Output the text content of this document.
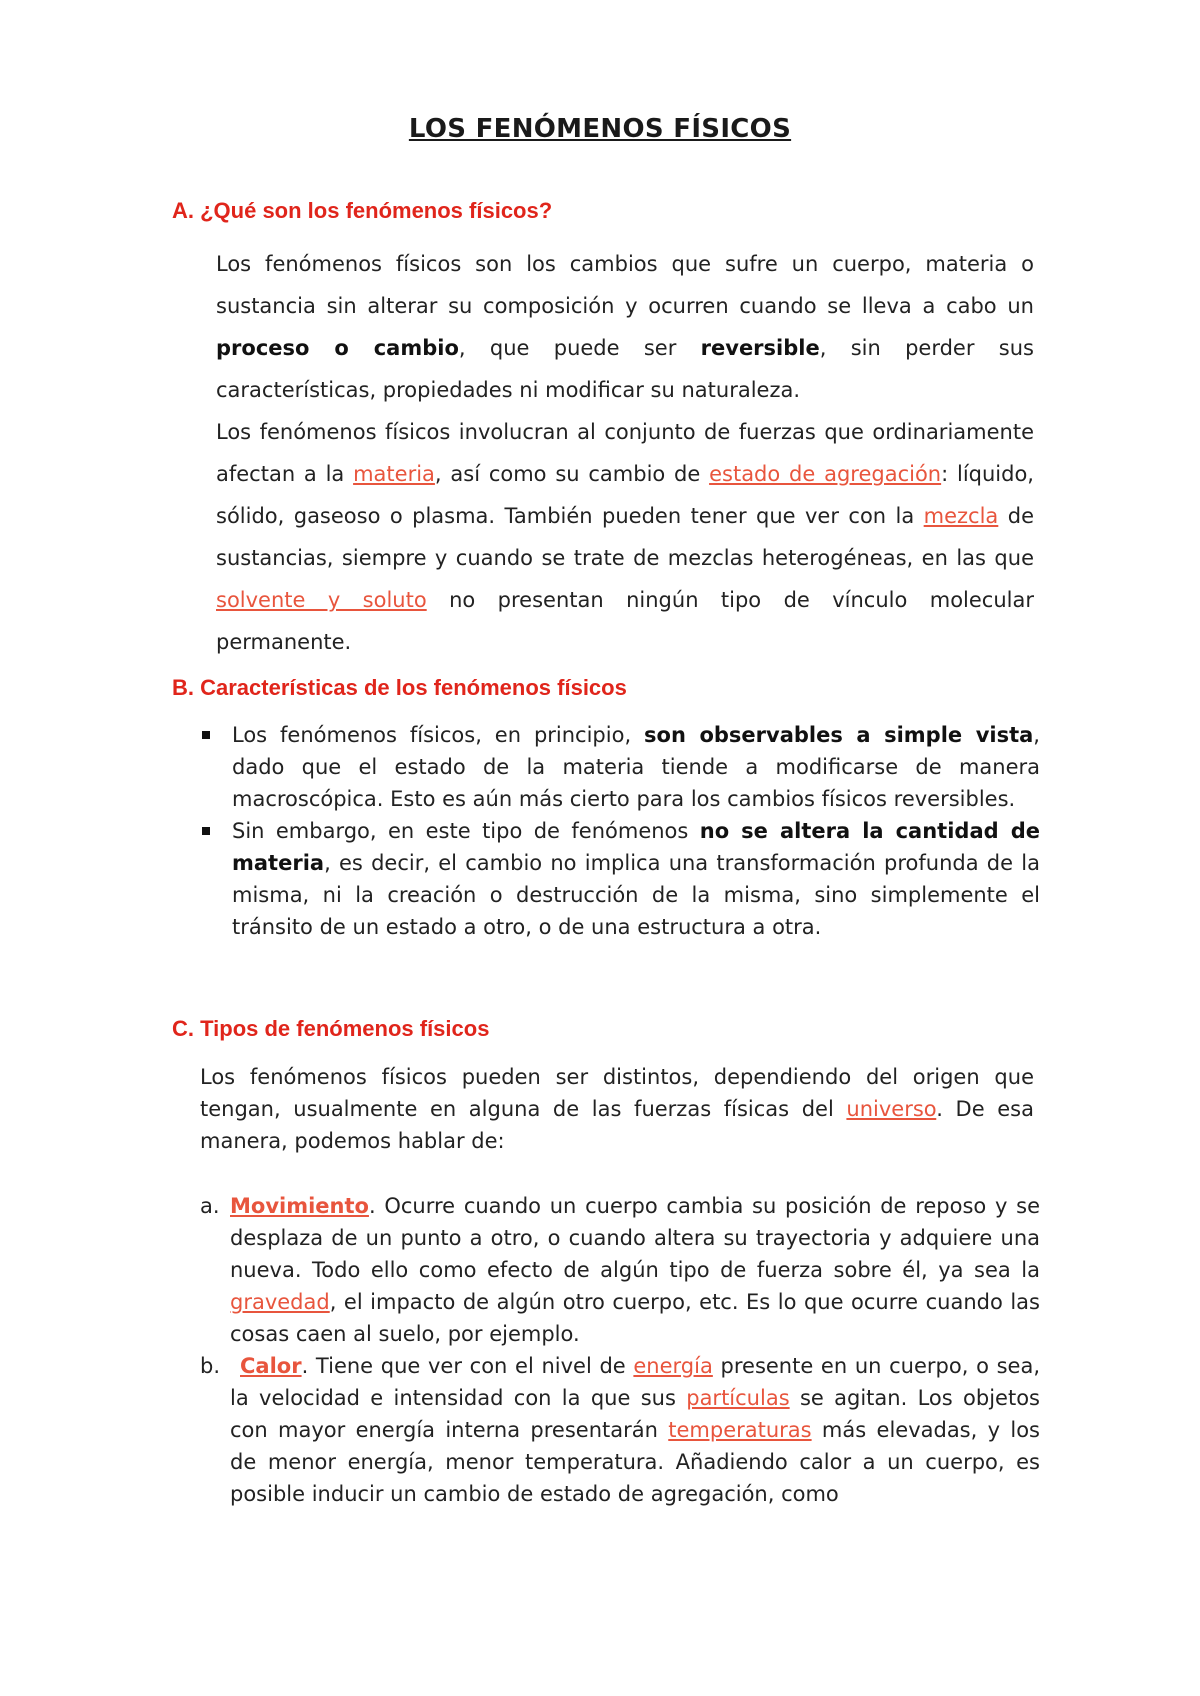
LOS FENÓMENOS FÍSICOS
A. ¿Qué son los fenómenos físicos?

Los fenómenos físicos son los cambios que sufre un cuerpo, materia o sustancia sin alterar su composición y ocurren cuando se lleva a cabo un proceso o cambio, que puede ser reversible, sin perder sus características, propiedades ni modificar su naturaleza.

Los fenómenos físicos involucran al conjunto de fuerzas que ordinariamente afectan a la materia, así como su cambio de estado de agregación: líquido, sólido, gaseoso o plasma. También pueden tener que ver con la mezcla de sustancias, siempre y cuando se trate de mezclas heterogéneas, en las que solvente y soluto no presentan ningún tipo de vínculo molecular permanente.

B. Características de los fenómenos físicos
Los fenómenos físicos, en principio, son observables a simple vista, dado que el estado de la materia tiende a modificarse de manera macroscópica. Esto es aún más cierto para los cambios físicos reversibles.
Sin embargo, en este tipo de fenómenos no se altera la cantidad de materia, es decir, el cambio no implica una transformación profunda de la misma, ni la creación o destrucción de la misma, sino simplemente el tránsito de un estado a otro, o de una estructura a otra.
C. Tipos de fenómenos físicos

Los fenómenos físicos pueden ser distintos, dependiendo del origen que tengan, usualmente en alguna de las fuerzas físicas del universo. De esa manera, podemos hablar de:

a. Movimiento. Ocurre cuando un cuerpo cambia su posición de reposo y se desplaza de un punto a otro, o cuando altera su trayectoria y adquiere una nueva. Todo ello como efecto de algún tipo de fuerza sobre él, ya sea la gravedad, el impacto de algún otro cuerpo, etc. Es lo que ocurre cuando las cosas caen al suelo, por ejemplo.
b. Calor. Tiene que ver con el nivel de energía presente en un cuerpo, o sea, la velocidad e intensidad con la que sus partículas se agitan. Los objetos con mayor energía interna presentarán temperaturas más elevadas, y los de menor energía, menor temperatura. Añadiendo calor a un cuerpo, es posible inducir un cambio de estado de agregación, como
